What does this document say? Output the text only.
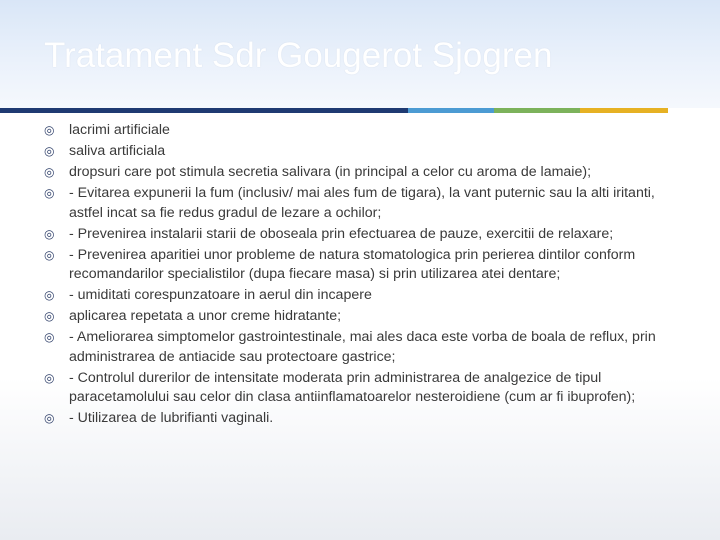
Tratament Sdr Gougerot Sjogren
◎	lacrimi artificiale
◎	saliva artificiala
◎	dropsuri care pot stimula secretia salivara (in principal a celor cu aroma de lamaie);
◎	- Evitarea expunerii la fum (inclusiv/ mai ales fum de tigara), la vant puternic sau la alti iritanti, astfel incat sa fie redus gradul de lezare a ochilor;
◎	- Prevenirea instalarii starii de oboseala prin efectuarea de pauze, exercitii de relaxare;
◎	- Prevenirea aparitiei unor probleme de natura stomatologica prin perierea dintilor conform recomandarilor specialistilor (dupa fiecare masa) si prin utilizarea atei dentare;
◎	- umiditati corespunzatoare in aerul din incapere
◎	aplicarea repetata a unor creme hidratante;
◎	- Ameliorarea simptomelor gastrointestinale, mai ales daca este vorba de boala de reflux, prin administrarea de antiacide sau protectoare gastrice;
◎	- Controlul durerilor de intensitate moderata prin administrarea de analgezice de tipul paracetamolului sau celor din clasa antiinflamatoarelor nesteroidiene (cum ar fi ibuprofen);
◎	- Utilizarea de lubrifianti vaginali.
